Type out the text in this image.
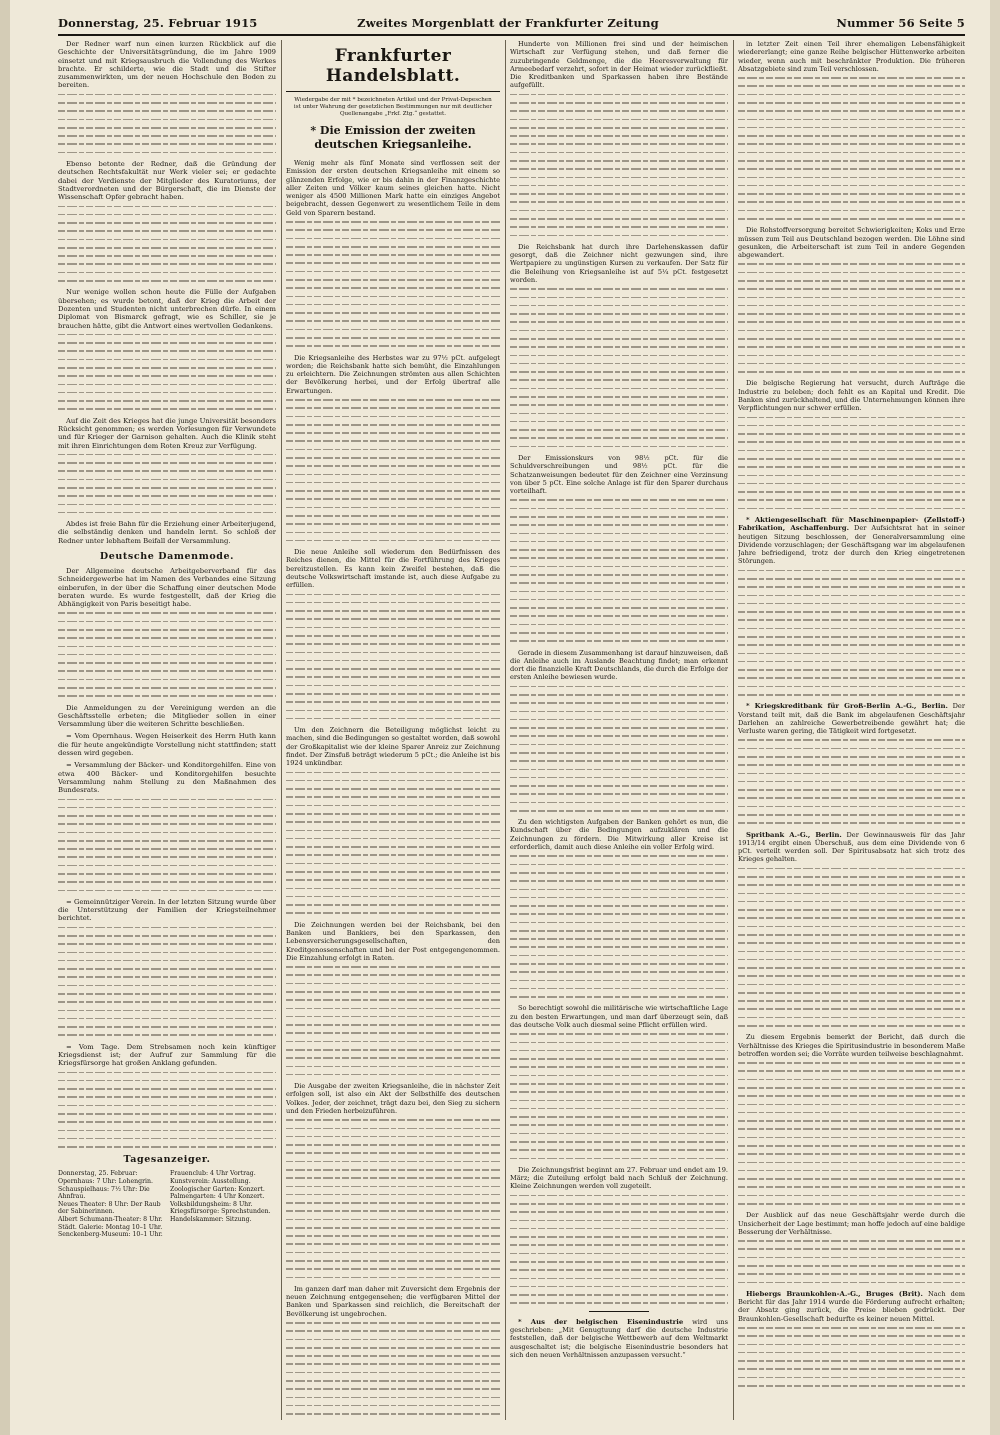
Donnerstag, 25. Februar 1915	Zweites Morgenblatt der Frankfurter Zeitung	Nummer 56 Seite 5

Der Redner warf nun einen kurzen Rückblick auf die Geschichte der Universitätsgründung, die im Jahre 1909 einsetzt und mit Kriegsausbruch die Vollendung des Werkes brachte. Er schilderte, wie die Stadt und die Stifter zusammenwirkten, um der neuen Hochschule den Boden zu bereiten.

Ebenso betonte der Redner, daß die Gründung der deutschen Rechtsfakultät nur Werk vieler sei; er gedachte dabei der Verdienste der Mitglieder des Kuratoriums, der Stadtverordneten und der Bürgerschaft, die im Dienste der Wissenschaft Opfer gebracht haben.

Nur wenige wollen schon heute die Fülle der Aufgaben übersehen; es wurde betont, daß der Krieg die Arbeit der Dozenten und Studenten nicht unterbrechen dürfe. In einem Diplomat von Bismarck gefragt, wie es Schiller, sie je brauchen hätte, gibt die Antwort eines wertvollen Gedankens.

Auf die Zeit des Krieges hat die junge Universität besonders Rücksicht genommen; es werden Vorlesungen für Verwundete und für Krieger der Garnison gehalten. Auch die Klinik steht mit ihren Einrichtungen dem Roten Kreuz zur Verfügung.

Abdes ist freie Bahn für die Erziehung einer Arbeiterjugend, die selbständig denken und handeln lernt. So schloß der Redner unter lebhaftem Beifall der Versammlung.

Deutsche Damenmode.

Der Allgemeine deutsche Arbeitgeberverband für das Schneidergewerbe hat im Namen des Verbandes eine Sitzung einberufen, in der über die Schaffung einer deutschen Mode beraten wurde. Es wurde festgestellt, daß der Krieg die Abhängigkeit von Paris beseitigt habe.

Die Anmeldungen zu der Vereinigung werden an die Geschäftsstelle erbeten; die Mitglieder sollen in einer Versammlung über die weiteren Schritte beschließen.

= Vom Opernhaus. Wegen Heiserkeit des Herrn Huth kann die für heute angekündigte Vorstellung nicht stattfinden; statt dessen wird gegeben.

= Versammlung der Bäcker- und Konditorgehilfen. Eine von etwa 400 Bäcker- und Konditorgehilfen besuchte Versammlung nahm Stellung zu den Maßnahmen des Bundesrats.

= Gemeinnütziger Verein. In der letzten Sitzung wurde über die Unterstützung der Familien der Kriegsteilnehmer berichtet.

= Vom Tage. Dem Strebsamen noch kein künftiger Kriegsdienst ist; der Aufruf zur Sammlung für die Kriegsfürsorge hat großen Anklang gefunden.

Tagesanzeiger.
Donnerstag, 25. Februar:
Opernhaus: 7 Uhr: Lohengrin.
Schauspielhaus: 7½ Uhr: Die Ahnfrau.
Neues Theater: 8 Uhr: Der Raub der Sabinerinnen.
Albert Schumann-Theater: 8 Uhr.
Städt. Galerie: Montag 10–1 Uhr.
Senckenberg-Museum: 10–1 Uhr.
Frauenclub: 4 Uhr Vortrag.
Kunstverein: Ausstellung.
Zoologischer Garten: Konzert.
Palmengarten: 4 Uhr Konzert.
Volksbildungsheim: 8 Uhr.
Kriegsfürsorge: Sprechstunden.
Handelskammer: Sitzung.
Frankfurter Handelsblatt.
Wiedergabe der mit * bezeichneten Artikel und der Privat-Depeschen ist unter Wahrung der gesetzlichen Bestimmungen nur mit deutlicher Quellenangabe „Frkf. Ztg.“ gestattet.
* Die Emission der zweiten deutschen Kriegsanleihe.

Wenig mehr als fünf Monate sind verflossen seit der Emission der ersten deutschen Kriegsanleihe mit einem so glänzenden Erfolge, wie er bis dahin in der Finanzgeschichte aller Zeiten und Völker kaum seines gleichen hatte. Nicht weniger als 4500 Millionen Mark hatte ein einziges Angebot beigebracht, dessen Gegenwert zu wesentlichem Teile in dem Geld von Sparern bestand.

Die Kriegsanleihe des Herbstes war zu 97½ pCt. aufgelegt worden; die Reichsbank hatte sich bemüht, die Einzahlungen zu erleichtern. Die Zeichnungen strömten aus allen Schichten der Bevölkerung herbei, und der Erfolg übertraf alle Erwartungen.

Die neue Anleihe soll wiederum den Bedürfnissen des Reiches dienen, die Mittel für die Fortführung des Krieges bereitzustellen. Es kann kein Zweifel bestehen, daß die deutsche Volkswirtschaft imstande ist, auch diese Aufgabe zu erfüllen.

Um den Zeichnern die Beteiligung möglichst leicht zu machen, sind die Bedingungen so gestaltet worden, daß sowohl der Großkapitalist wie der kleine Sparer Anreiz zur Zeichnung findet. Der Zinsfuß beträgt wiederum 5 pCt.; die Anleihe ist bis 1924 unkündbar.

Die Zeichnungen werden bei der Reichsbank, bei den Banken und Bankiers, bei den Sparkassen, den Lebensversicherungsgesellschaften, den Kreditgenossenschaften und bei der Post entgegengenommen. Die Einzahlung erfolgt in Raten.

Die Ausgabe der zweiten Kriegsanleihe, die in nächster Zeit erfolgen soll, ist also ein Akt der Selbsthilfe des deutschen Volkes. Jeder, der zeichnet, trägt dazu bei, den Sieg zu sichern und den Frieden herbeizuführen.

Im ganzen darf man daher mit Zuversicht dem Ergebnis der neuen Zeichnung entgegensehen; die verfügbaren Mittel der Banken und Sparkassen sind reichlich, die Bereitschaft der Bevölkerung ist ungebrochen.

Hunderte von Millionen frei sind und der heimischen Wirtschaft zur Verfügung stehen, und daß ferner die zuzubringende Geldmenge, die die Heeresverwaltung für Armeebedarf verzehrt, sofort in der Heimat wieder zurückfließt. Die Kreditbanken und Sparkassen haben ihre Bestände aufgefüllt.

Die Reichsbank hat durch ihre Darlehenskassen dafür gesorgt, daß die Zeichner nicht gezwungen sind, ihre Wertpapiere zu ungünstigen Kursen zu verkaufen. Der Satz für die Beleihung von Kriegsanleihe ist auf 5¼ pCt. festgesetzt worden.

Der Emissionskurs von 98½ pCt. für die Schuldverschreibungen und 98½ pCt. für die Schatzanweisungen bedeutet für den Zeichner eine Verzinsung von über 5 pCt. Eine solche Anlage ist für den Sparer durchaus vorteilhaft.

Gerade in diesem Zusammenhang ist darauf hinzuweisen, daß die Anleihe auch im Auslande Beachtung findet; man erkennt dort die finanzielle Kraft Deutschlands, die durch die Erfolge der ersten Anleihe bewiesen wurde.

Zu den wichtigsten Aufgaben der Banken gehört es nun, die Kundschaft über die Bedingungen aufzuklären und die Zeichnungen zu fördern. Die Mitwirkung aller Kreise ist erforderlich, damit auch diese Anleihe ein voller Erfolg wird.

So berechtigt sowohl die militärische wie wirtschaftliche Lage zu den besten Erwartungen, und man darf überzeugt sein, daß das deutsche Volk auch diesmal seine Pflicht erfüllen wird.

Die Zeichnungsfrist beginnt am 27. Februar und endet am 19. März; die Zuteilung erfolgt bald nach Schluß der Zeichnung. Kleine Zeichnungen werden voll zugeteilt.

* Aus der belgischen Eisenindustrie wird uns geschrieben: „Mit Genugtuung darf die deutsche Industrie feststellen, daß der belgische Wettbewerb auf dem Weltmarkt ausgeschaltet ist; die belgische Eisenindustrie besonders hat sich den neuen Verhältnissen anzupassen versucht.“

in letzter Zeit einen Teil ihrer ehemaligen Lebensfähigkeit wiedererlangt; eine ganze Reihe belgischer Hüttenwerke arbeiten wieder, wenn auch mit beschränkter Produktion. Die früheren Absatzgebiete sind zum Teil verschlossen.

Die Rohstoffversorgung bereitet Schwierigkeiten; Koks und Erze müssen zum Teil aus Deutschland bezogen werden. Die Löhne sind gesunken, die Arbeiterschaft ist zum Teil in andere Gegenden abgewandert.

Die belgische Regierung hat versucht, durch Aufträge die Industrie zu beleben; doch fehlt es an Kapital und Kredit. Die Banken sind zurückhaltend, und die Unternehmungen können ihre Verpflichtungen nur schwer erfüllen.

* Aktiengesellschaft für Maschinenpapier- (Zellstoff-) Fabrikation, Aschaffenburg. Der Aufsichtsrat hat in seiner heutigen Sitzung beschlossen, der Generalversammlung eine Dividende vorzuschlagen; der Geschäftsgang war im abgelaufenen Jahre befriedigend, trotz der durch den Krieg eingetretenen Störungen.

* Kriegskreditbank für Groß-Berlin A.-G., Berlin. Der Vorstand teilt mit, daß die Bank im abgelaufenen Geschäftsjahr Darlehen an zahlreiche Gewerbetreibende gewährt hat; die Verluste waren gering, die Tätigkeit wird fortgesetzt.

Spritbank A.-G., Berlin. Der Gewinnausweis für das Jahr 1913/14 ergibt einen Überschuß, aus dem eine Dividende von 6 pCt. verteilt werden soll. Der Spiritusabsatz hat sich trotz des Krieges gehalten.

Zu diesem Ergebnis bemerkt der Bericht, daß durch die Verhältnisse des Krieges die Spiritusindustrie in besonderem Maße betroffen worden sei; die Vorräte wurden teilweise beschlagnahmt.

Der Ausblick auf das neue Geschäftsjahr werde durch die Unsicherheit der Lage bestimmt; man hoffe jedoch auf eine baldige Besserung der Verhältnisse.

Hiebergs Braunkohlen-A.-G., Bruges (Brit). Nach dem Bericht für das Jahr 1914 wurde die Förderung aufrecht erhalten; der Absatz ging zurück, die Preise blieben gedrückt. Der Braunkohlen-Gesellschaft bedurfte es keiner neuen Mittel.
